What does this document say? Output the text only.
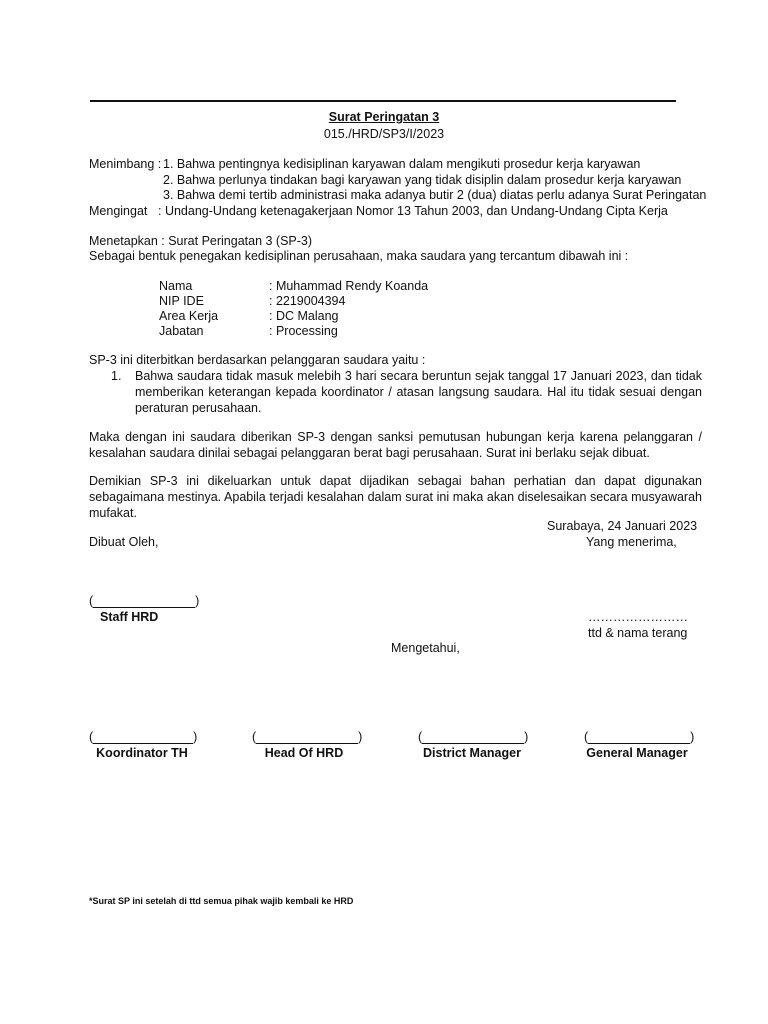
Surat Peringatan 3
015./HRD/SP3/I/2023
Menimbang : 1. Bahwa pentingnya kedisiplinan karyawan dalam mengikuti prosedur kerja karyawan
2. Bahwa perlunya tindakan bagi karyawan yang tidak disiplin dalam prosedur kerja karyawan
3. Bahwa demi tertib administrasi maka adanya butir 2 (dua) diatas perlu adanya Surat Peringatan
Mengingat : Undang-Undang ketenagakerjaan Nomor 13 Tahun 2003, dan Undang-Undang Cipta Kerja
Menetapkan : Surat Peringatan 3 (SP-3)
Sebagai bentuk penegakan kedisiplinan perusahaan, maka saudara yang tercantum dibawah ini :
Nama	: Muhammad Rendy Koanda
NIP IDE	: 2219004394
Area Kerja	: DC Malang
Jabatan	: Processing
SP-3 ini diterbitkan berdasarkan pelanggaran saudara yaitu :
1. Bahwa saudara tidak masuk melebih 3 hari secara beruntun sejak tanggal 17 Januari 2023, dan tidak memberikan keterangan kepada koordinator / atasan langsung saudara. Hal itu tidak sesuai dengan peraturan perusahaan.
Maka dengan ini saudara diberikan SP-3 dengan sanksi pemutusan hubungan kerja karena pelanggaran / kesalahan saudara dinilai sebagai pelanggaran berat bagi perusahaan. Surat ini berlaku sejak dibuat.
Demikian SP-3 ini dikeluarkan untuk dapat dijadikan sebagai bahan perhatian dan dapat digunakan sebagaimana mestinya. Apabila terjadi kesalahan dalam surat ini maka akan diselesaikan secara musyawarah mufakat.
Surabaya, 24 Januari 2023
Dibuat Oleh,	Yang menerima,
(	)
Staff HRD	……………………
ttd & nama terang
Mengetahui,
(	)	(	)	(	)	(	)
Koordinator TH	Head Of HRD	District Manager	General Manager
*Surat SP ini setelah di ttd semua pihak wajib kembali ke HRD
